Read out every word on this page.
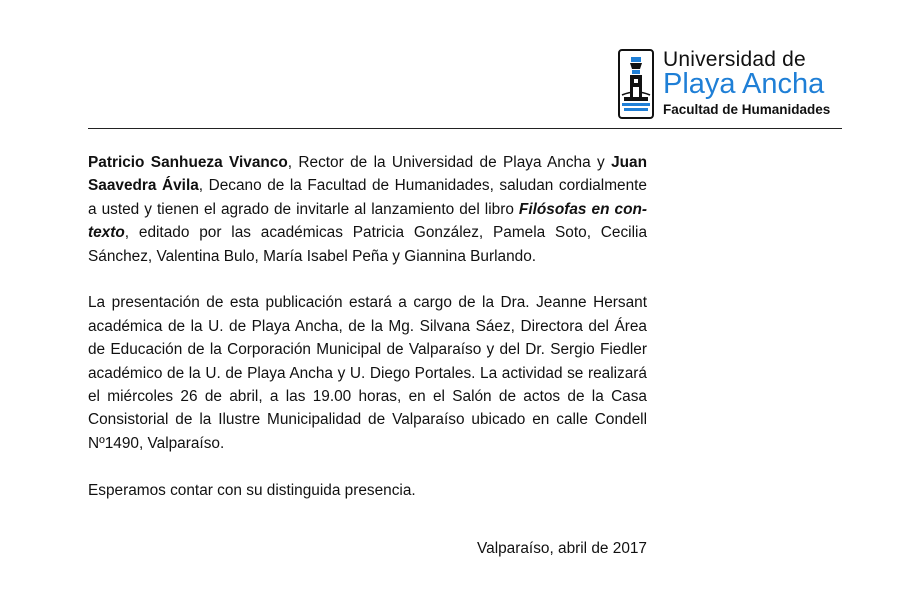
Universidad de
Playa Ancha
Facultad de Humanidades

Patricio Sanhueza Vivanco, Rector de la Universidad de Playa Ancha y Juan Saavedra Ávila, Decano de la Facultad de Humanidades, saludan cordialmente a usted y tienen el agrado de invitarle al lanzamiento del libro Filósofas en con-texto, editado por las académicas Patricia González, Pamela Soto, Cecilia Sánchez, Valentina Bulo, María Isabel Peña y Giannina Burlando.

La presentación de esta publicación estará a cargo de la Dra. Jeanne Hersant académica de la U. de Playa Ancha, de la Mg. Silvana Sáez, Directora del Área de Educación de la Corporación Municipal de Valparaíso y del Dr. Sergio Fiedler académico de la U. de Playa Ancha y U. Diego Portales. La actividad se realizará el miércoles 26 de abril, a las 19.00 horas, en el Salón de actos de la Casa Consistorial de la Ilustre Municipalidad de Valparaíso ubicado en calle Condell Nº1490, Valparaíso.

Esperamos contar con su distinguida presencia.

Valparaíso, abril de 2017
